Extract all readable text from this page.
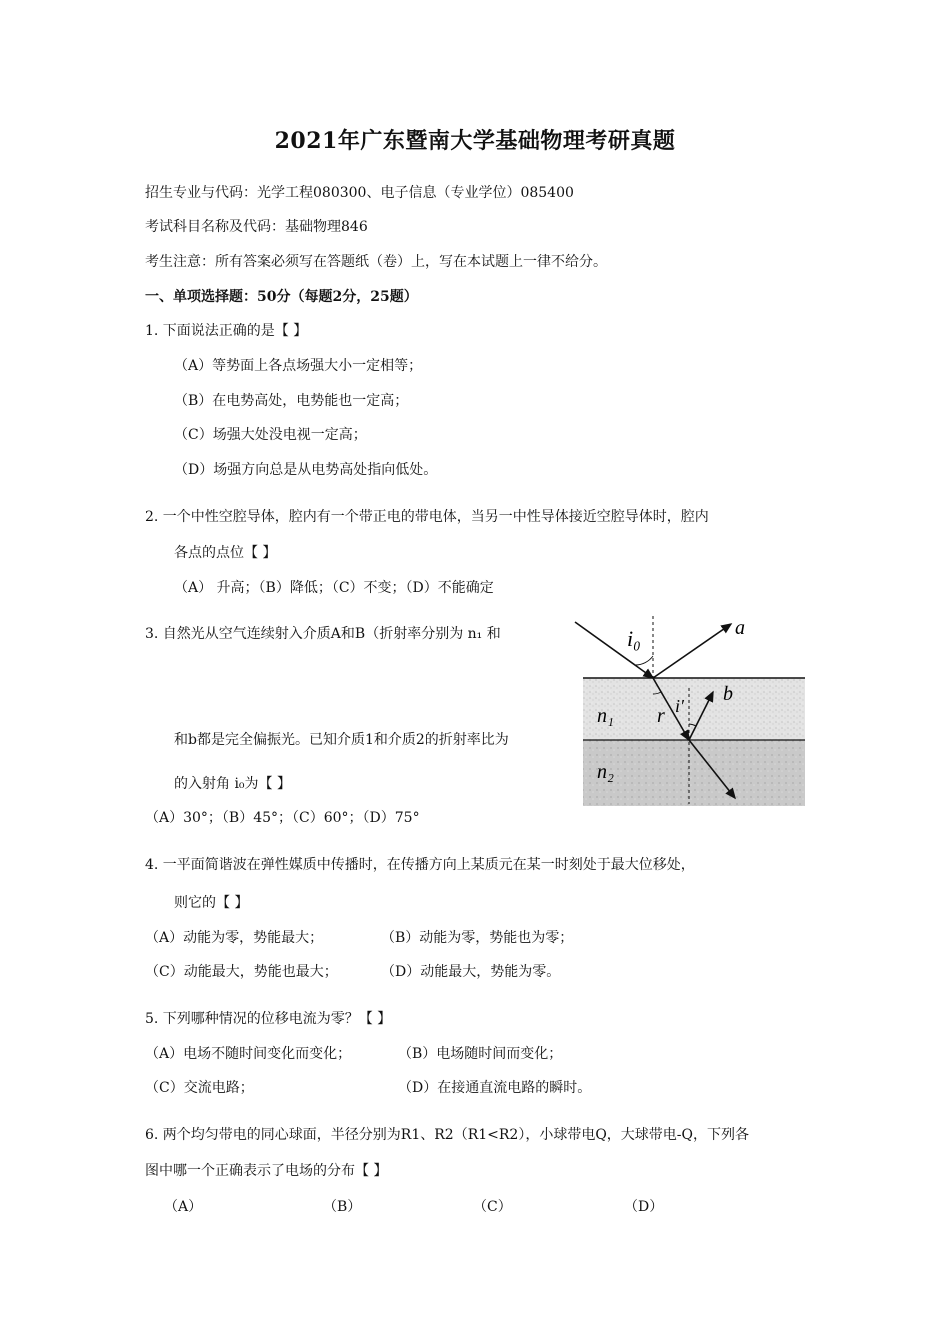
2021年广东暨南大学基础物理考研真题
招生专业与代码：光学工程080300、电子信息（专业学位）085400
考试科目名称及代码：基础物理846
考生注意：所有答案必须写在答题纸（卷）上，写在本试题上一律不给分。
一、单项选择题：50分（每题2分，25题）
1. 下面说法正确的是【 】
（A）等势面上各点场强大小一定相等；
（B）在电势高处，电势能也一定高；
（C）场强大处没电视一定高；
（D）场强方向总是从电势高处指向低处。
2. 一个中性空腔导体，腔内有一个带正电的带电体，当另一中性导体接近空腔导体时，腔内
各点的点位【 】
（A） 升高；（B）降低；（C）不变；（D）不能确定
3. 自然光从空气连续射入介质A和B（折射率分别为 n₁ 和
和b都是完全偏振光。已知介质1和介质2的折射率比为
的入射角 i₀为【 】
（A）30°；（B）45°；（C）60°；（D）75°
i₀	a
b
r i′
n₁
n₂
4. 一平面简谐波在弹性媒质中传播时，在传播方向上某质元在某一时刻处于最大位移处，
则它的【 】
（A）动能为零，势能最大；	（B）动能为零，势能也为零；
（C）动能最大，势能也最大；	（D）动能最大，势能为零。
5. 下列哪种情况的位移电流为零？【 】
（A）电场不随时间变化而变化；	（B）电场随时间而变化；
（C）交流电路；	（D）在接通直流电路的瞬时。
6. 两个均匀带电的同心球面，半径分别为R1、R2（R1<R2），小球带电Q，大球带电-Q，下列各
图中哪一个正确表示了电场的分布【 】
（A）	（B）	（C）	（D）
